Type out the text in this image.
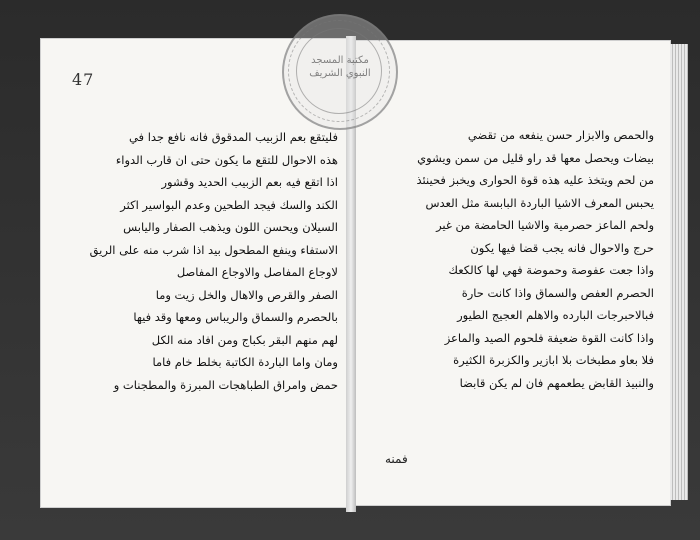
47
مكتبة المسجد النبوي الشريف
فليتقع بعم الزبيب المدقوق فانه نافع جدا في
هذه الاحوال للتقع ما يكون حتى ان قارب الدواء
اذا اتقع فيه بعم الزبيب الحديد وقشور
الكند والسك فيجد الطحين وعدم البواسير اكثر
السيلان ويحسن اللون ويذهب الصفار واليابس
الاستفاء وينفع المطحول بيد اذا شرب منه على الريق
لاوجاع المفاصل والاوجاع المفاصل
الصفر والقرص والاهال والخل زيت وما
بالحصرم والسماق والريباس ومعها وقد فيها
لهم منهم البقر بكباج ومن افاد منه الكل
ومان واما الباردة الكاتبة بخلط خام فاما
حمض وامراق الطباهجات المبرزة والمطجنات و
والحمص والابزار حسن ينفعه من تقضي
بيضات ويحصل معها قد راو قليل من سمن ويشوي
من لحم ويتخذ عليه هذه قوة الحوارى ويخبز فحينئذ
يحبس المعرف الاشيا الباردة البابسة مثل العدس
ولحم الماعز حصرمية والاشيا الحامضة من غير
حرج والاحوال فانه يجب قضا فيها يكون
واذا جعت عفوصة وحموضة فهي لها كالكعك
الحصرم العفص والسماق واذا كانت حارة
فبالاحبرجات البارده والاهلم العجيج الطيور
واذا كانت القوة ضعيفة فلحوم الصيد والماعز
فلا بعاو مطبخات بلا ابازير والكزبرة الكثيرة
والنبيذ القابض يطعمهم فان لم يكن قابضا
فمنه
